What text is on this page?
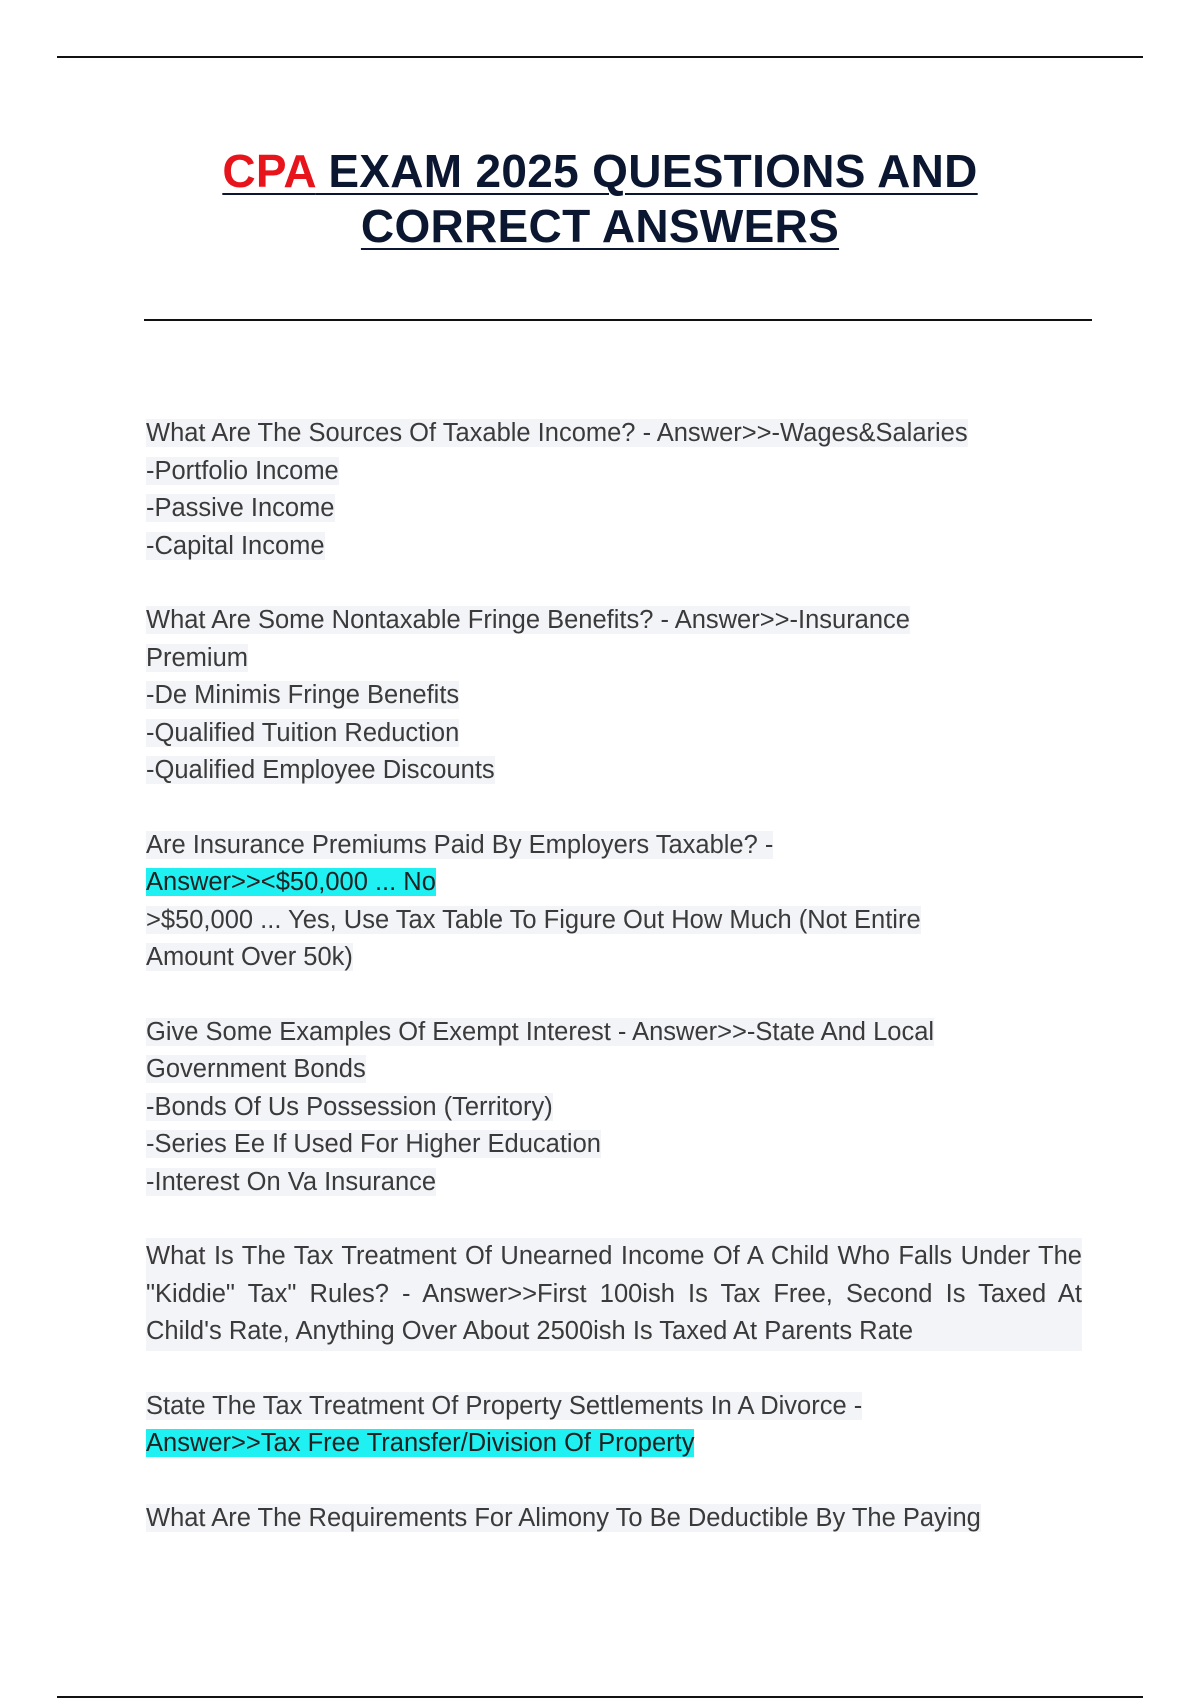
CPA EXAM 2025 QUESTIONS AND
CORRECT ANSWERS
What Are The Sources Of Taxable Income? - Answer>>-Wages&Salaries
-Portfolio Income
-Passive Income
-Capital Income
What Are Some Nontaxable Fringe Benefits? - Answer>>-Insurance
Premium
-De Minimis Fringe Benefits
-Qualified Tuition Reduction
-Qualified Employee Discounts
Are Insurance Premiums Paid By Employers Taxable? -
Answer>><$50,000 ... No
>$50,000 ... Yes, Use Tax Table To Figure Out How Much (Not Entire
Amount Over 50k)
Give Some Examples Of Exempt Interest - Answer>>-State And Local
Government Bonds
-Bonds Of Us Possession (Territory)
-Series Ee If Used For Higher Education
-Interest On Va Insurance
What Is The Tax Treatment Of Unearned Income Of A Child Who Falls Under The "Kiddie" Tax" Rules? - Answer>>First 100ish Is Tax Free, Second Is Taxed At Child's Rate, Anything Over About 2500ish Is Taxed At Parents Rate
State The Tax Treatment Of Property Settlements In A Divorce -
Answer>>Tax Free Transfer/Division Of Property
What Are The Requirements For Alimony To Be Deductible By The Paying
